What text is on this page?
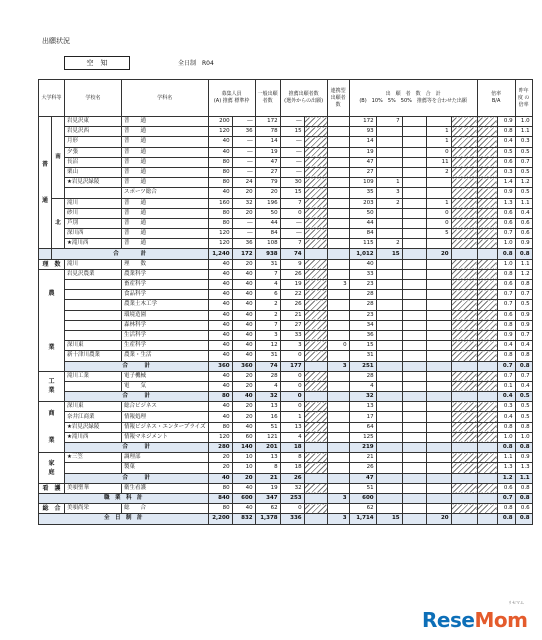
出願状況
空　知	全日制　R04
大学科等		学校名	学科名	募集人員
(A) 推薦 標準枠		一般出願者数	推薦出願者数
(選外からの出願)		連携型出願者数	出　願　者　数　合　計
(B)　 10%　 5%　 50%　 推薦等を合わせた出願					倍率
B/A		昨年度 の倍率
普

通	南	岩見沢東	普　　通	200	―	172	―			172	7					0.9	1.0
		岩見沢西	普　　通	120	36	78	15			93			1			0.8	1.1
		月形	普　　通	40	―	14	―			14			1			0.4	0.3
		夕張	普　　通	40	―	19	―			19			0			0.5	0.5
		長沼	普　　通	80	―	47	―			47			11			0.6	0.7
		栗山	普　　通	80	―	27	―			27			2			0.3	0.5
		★岩見沢緑陵	普　　通	80	24	79	30			109	1					1.4	1.2
			スポーツ総合	40	20	20	15			35	3					0.9	0.5
	北	滝川	普　　通	160	32	196	7			203	2		1			1.3	1.1
		砂川	普　　通	80	20	50	0			50			0			0.6	0.4
		芦別	普　　通	80	―	44	―			44			0			0.6	0.6
		深川西	普　　通	120	―	84	―			84			5			0.7	0.6
		★滝川西	普　　通	120	36	108	7			115	2					1.0	0.9
	合　　　　計			1,240	172	938	74			1,012	15		20			0.8	0.8
理　数		滝川	理　　数	40	20	31	9			40						1.0	1.1
農

業		岩見沢農業	農業科学	40	40	7	26			33						0.8	1.2
			畜産科学	40	40	4	19		3	23						0.6	0.8
			食品科学	40	40	6	22			28						0.7	0.7
			農業土木工学	40	40	2	26			28						0.7	0.5
			環境造園	40	40	2	21			23						0.6	0.9
			森林科学	40	40	7	27			34						0.8	0.9
			生活科学	40	40	3	33			36						0.9	0.7
		深川東	生産科学	40	40	12	3		0	15						0.4	0.4
		新十津川農業	農業・生活	40	40	31	0			31						0.8	0.8
		合　　　計		360	360	74	177		3	251						0.7	0.8
工
業		滝川工業	電子機械	40	20	28	0			28						0.7	0.7
			電　　気	40	20	4	0			4						0.1	0.4
		合　　　計		80	40	32	0			32						0.4	0.5
商

業		深川東	総合ビジネス	40	20	13	0			13						0.3	0.5
		奈井江商業	情報処理	40	20	16	1			17						0.4	0.5
		★岩見沢緑陵	情報ビジネス・エンタープライズ	80	40	51	13			64						0.8	0.8
		★滝川西	情報マネジメント	120	60	121	4			125						1.0	1.0
		合　　　計		280	140	201	18			219						0.8	0.8
家
庭		★三笠	調理部	20	10	13	8			21						1.1	0.9
			製菓	20	10	8	18			26						1.3	1.3
		合　　　計		40	20	21	26			47						1.2	1.1
看　護		美唄聖華	衛生看護	80	40	19	32			51						0.6	0.8
職　業　科　計				840	600	347	253		3	600						0.7	0.8
総　合		美唄尚栄	総　　合	80	40	62	0			62						0.8	0.6
全　日　制　計				2,200	832	1,378	336		3	1,714	15		20			0.8	0.8
ReseMom
リセマム
